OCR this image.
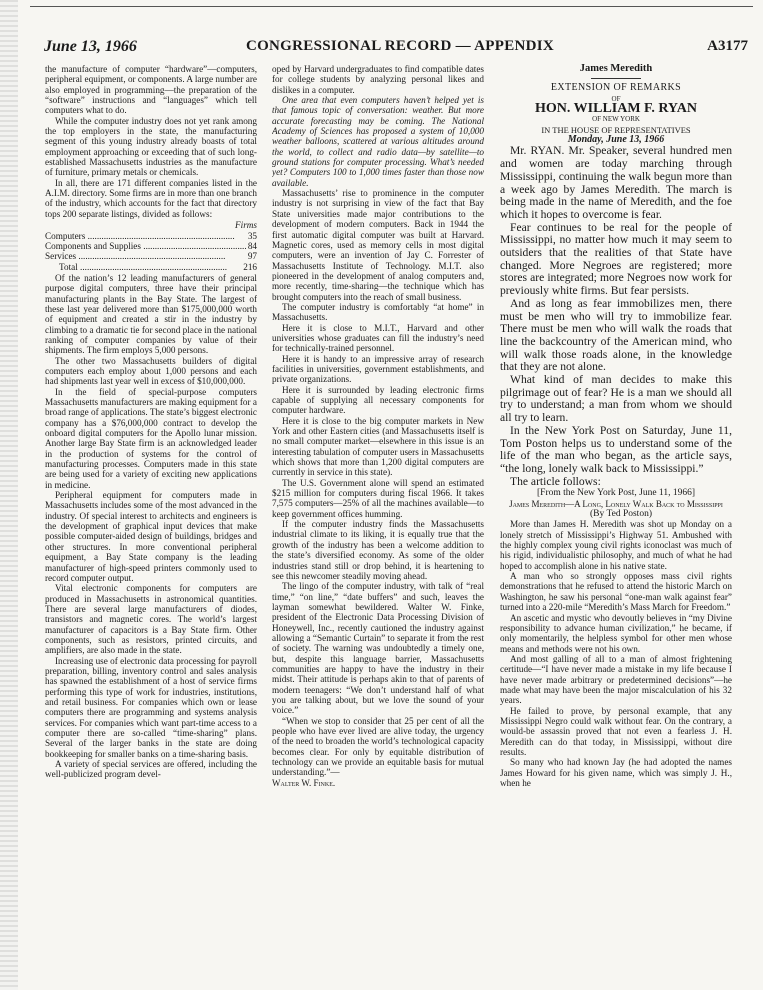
June 13, 1966	CONGRESSIONAL RECORD — APPENDIX	A3177

the manufacture of computer “hardware”—computers, peripheral equipment, or components. A large number are also employed in programming—the preparation of the “software” instructions and “languages” which tell computers what to do.

While the computer industry does not yet rank among the top employers in the state, the manufacturing segment of this young industry already boasts of total employment approaching or exceeding that of such long-established Massachusetts industries as the manufacture of furniture, primary metals or chemicals.

In all, there are 171 different companies listed in the A.I.M. directory. Some firms are in more than one branch of the industry, which accounts for the fact that directory tops 200 separate listings, divided as follows:

Firms
Computers .....	35
Components and Supplies .....	84
Services .....	97
Total .....	216

Of the nation’s 12 leading manufacturers of general purpose digital computers, three have their principal manufacturing plants in the Bay State. The largest of these last year delivered more than $175,000,000 worth of equipment and created a stir in the industry by climbing to a dramatic tie for second place in the national ranking of computer companies by value of their shipments. The firm employs 5,000 persons.

The other two Massachusetts builders of digital computers each employ about 1,000 persons and each had shipments last year well in excess of $10,000,000.

In the field of special-purpose computers Massachusetts manufacturers are making equipment for a broad range of applications. The state’s biggest electronic company has a $76,000,000 contract to develop the onboard digital computers for the Apollo lunar mission. Another large Bay State firm is an acknowledged leader in the production of systems for the control of manufacturing processes. Computers made in this state are being used for a variety of exciting new applications in medicine.

Peripheral equipment for computers made in Massachusetts includes some of the most advanced in the industry. Of special interest to architects and engineers is the development of graphical input devices that make possible computer-aided design of buildings, bridges and other structures. In more conventional peripheral equipment, a Bay State company is the leading manufacturer of high-speed printers commonly used to record computer output.

Vital electronic components for computers are produced in Massachusetts in astronomical quantities. There are several large manufacturers of diodes, transistors and magnetic cores. The world’s largest manufacturer of capacitors is a Bay State firm. Other components, such as resistors, printed circuits, and amplifiers, are also made in the state.

Increasing use of electronic data processing for payroll preparation, billing, inventory control and sales analysis has spawned the establishment of a host of service firms performing this type of work for industries, institutions, and retail business. For companies which own or lease computers there are programming and systems analysis services. For companies which want part-time access to a computer there are so-called “time-sharing” plans. Several of the larger banks in the state are doing bookkeeping for smaller banks on a time-sharing basis.

A variety of special services are offered, including the well-publicized program devel-

oped by Harvard undergraduates to find compatible dates for college students by analyzing personal likes and dislikes in a computer.

One area that even computers haven’t helped yet is that famous topic of conversation: weather. But more accurate forecasting may be coming. The National Academy of Sciences has proposed a system of 10,000 weather balloons, scattered at various altitudes around the world, to collect and radio data—by satellite—to ground stations for computer processing. What’s needed yet? Computers 100 to 1,000 times faster than those now available.

Massachusetts’ rise to prominence in the computer industry is not surprising in view of the fact that Bay State universities made major contributions to the development of modern computers. Back in 1944 the first automatic digital computer was built at Harvard. Magnetic cores, used as memory cells in most digital computers, were an invention of Jay C. Forrester of Massachusetts Institute of Technology. M.I.T. also pioneered in the development of analog computers and, more recently, time-sharing—the technique which has brought computers into the reach of small business.

The computer industry is comfortably “at home” in Massachusetts.

Here it is close to M.I.T., Harvard and other universities whose graduates can fill the industry’s need for technically-trained personnel.

Here it is handy to an impressive array of research facilities in universities, government establishments, and private organizations.

Here it is surrounded by leading electronic firms capable of supplying all necessary components for computer hardware.

Here it is close to the big computer markets in New York and other Eastern cities (and Massachusetts itself is no small computer market—elsewhere in this issue is an interesting tabulation of computer users in Massachusetts which shows that more than 1,200 digital computers are currently in service in this state).

The U.S. Government alone will spend an estimated $215 million for computers during fiscal 1966. It takes 7,575 computers—25% of all the machines available—to keep government offices humming.

If the computer industry finds the Massachusetts industrial climate to its liking, it is equally true that the growth of the industry has been a welcome addition to the state’s diversified economy. As some of the older industries stand still or drop behind, it is heartening to see this newcomer steadily moving ahead.

The lingo of the computer industry, with talk of “real time,” “on line,” “date buffers” and such, leaves the layman somewhat bewildered. Walter W. Finke, president of the Electronic Data Processing Division of Honeywell, Inc., recently cautioned the industry against allowing a “Semantic Curtain” to separate it from the rest of society. The warning was undoubtedly a timely one, but, despite this language barrier, Massachusetts communities are happy to have the industry in their midst. Their attitude is perhaps akin to that of parents of modern teenagers: “We don’t understand half of what you are talking about, but we love the sound of your voice.”

“When we stop to consider that 25 per cent of all the people who have ever lived are alive today, the urgency of the need to broaden the world’s technological capacity becomes clear. For only by equitable distribution of technology can we provide an equitable basis for mutual understanding.”—

Walter W. Finke.

James Meredith

EXTENSION OF REMARKS

OF

HON. WILLIAM F. RYAN

OF NEW YORK

IN THE HOUSE OF REPRESENTATIVES

Monday, June 13, 1966

Mr. RYAN. Mr. Speaker, several hundred men and women are today marching through Mississippi, continuing the walk begun more than a week ago by James Meredith. The march is being made in the name of Meredith, and the foe which it hopes to overcome is fear.

Fear continues to be real for the people of Mississippi, no matter how much it may seem to outsiders that the realities of that State have changed. More Negroes are registered; more stores are integrated; more Negroes now work for previously white firms. But fear persists.

And as long as fear immobilizes men, there must be men who will try to immobilize fear. There must be men who will walk the roads that line the backcountry of the American mind, who will walk those roads alone, in the knowledge that they are not alone.

What kind of man decides to make this pilgrimage out of fear? He is a man we should all try to understand; a man from whom we should all try to learn.

In the New York Post on Saturday, June 11, Tom Poston helps us to understand some of the life of the man who began, as the article says, “the long, lonely walk back to Mississippi.”

The article follows:

[From the New York Post, June 11, 1966]

James Meredith—A Long, Lonely Walk Back to Mississippi

(By Ted Poston)

More than James H. Meredith was shot up Monday on a lonely stretch of Mississippi’s Highway 51. Ambushed with the highly complex young civil rights iconoclast was much of his rigid, individualistic philosophy, and much of what he had hoped to accomplish alone in his native state.

A man who so strongly opposes mass civil rights demonstrations that he refused to attend the historic March on Washington, he saw his personal “one-man walk against fear” turned into a 220-mile “Meredith’s Mass March for Freedom.”

An ascetic and mystic who devoutly believes in “my Divine responsibility to advance human civilization,” he became, if only momentarily, the helpless symbol for other men whose means and methods were not his own.

And most galling of all to a man of almost frightening certitude—“I have never made a mistake in my life because I have never made arbitrary or predetermined decisions”—he made what may have been the major miscalculation of his 32 years.

He failed to prove, by personal example, that any Mississippi Negro could walk without fear. On the contrary, a would-be assassin proved that not even a fearless J. H. Meredith can do that today, in Mississippi, without dire results.

So many who had known Jay (he had adopted the names James Howard for his given name, which was simply J. H., when he
